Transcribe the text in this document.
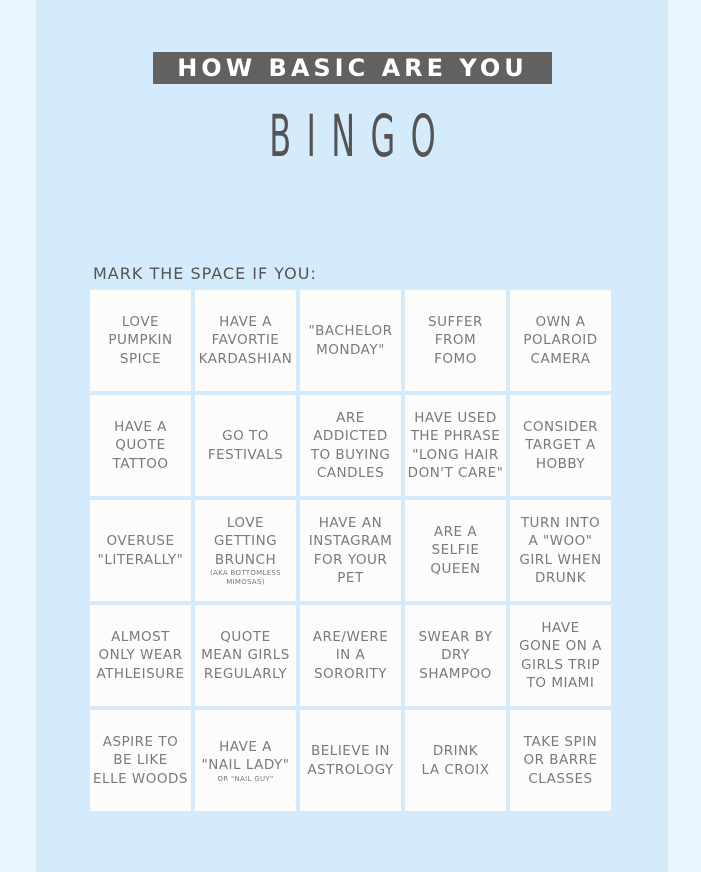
HOW BASIC ARE YOU
BINGO
MARK THE SPACE IF YOU:
LOVE
PUMPKIN
SPICE
HAVE A
FAVORTIE
KARDASHIAN
"BACHELOR
MONDAY"
SUFFER
FROM
FOMO
OWN A
POLAROID
CAMERA
HAVE A
QUOTE
TATTOO
GO TO
FESTIVALS
ARE
ADDICTED
TO BUYING
CANDLES
HAVE USED
THE PHRASE
"LONG HAIR
DON'T CARE"
CONSIDER
TARGET A
HOBBY
OVERUSE
"LITERALLY"
LOVE
GETTING
BRUNCH
(AKA BOTTOMLESS
MIMOSAS)
HAVE AN
INSTAGRAM
FOR YOUR
PET
ARE A
SELFIE
QUEEN
TURN INTO
A "WOO"
GIRL WHEN
DRUNK
ALMOST
ONLY WEAR
ATHLEISURE
QUOTE
MEAN GIRLS
REGULARLY
ARE/WERE
IN A
SORORITY
SWEAR BY
DRY
SHAMPOO
HAVE
GONE ON A
GIRLS TRIP
TO MIAMI
ASPIRE TO
BE LIKE
ELLE WOODS
HAVE A
"NAIL LADY"
OR "NAIL GUY"
BELIEVE IN
ASTROLOGY
DRINK
LA CROIX
TAKE SPIN
OR BARRE
CLASSES
